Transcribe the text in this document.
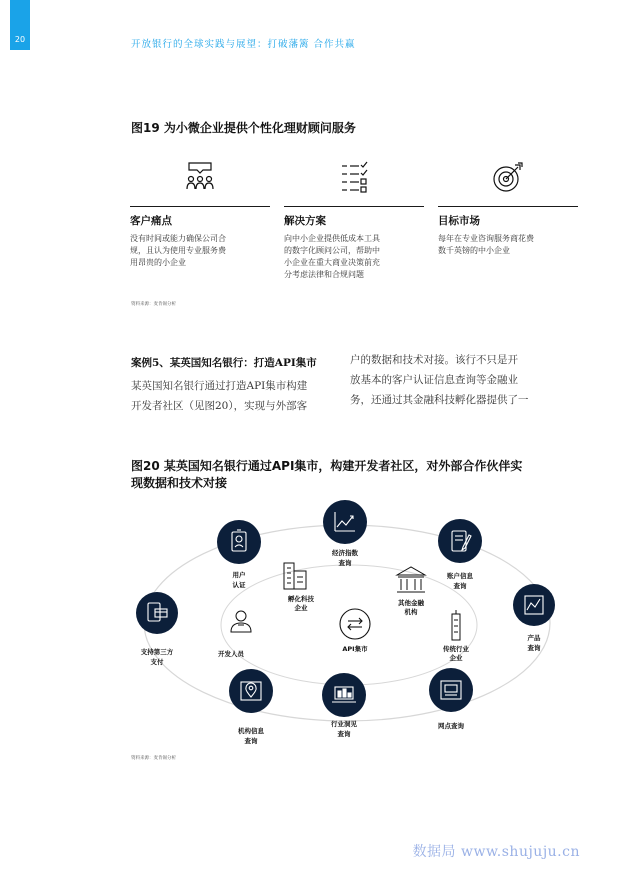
20	开放银行的全球实践与展望：打破藩篱 合作共赢
图19 为小微企业提供个性化理财顾问服务
客户痛点
没有时间或能力确保公司合
规，且认为使用专业服务费
用昂贵的小企业
解决方案
向中小企业提供低成本工具
的数字化顾问公司，帮助中
小企业在重大商业决策前充
分考虑法律和合规问题
目标市场
每年在专业咨询服务商花费
数千英镑的中小企业
资料来源：麦肯锡分析
案例5、某英国知名银行：打造API集市
某英国知名银行通过打造API集市构建
开发者社区（见图20），实现与外部客
户的数据和技术对接。该行不只是开
放基本的客户认证信息查询等金融业
务，还通过其金融科技孵化器提供了一
图20 某英国知名银行通过API集市，构建开发者社区，对外部合作伙伴实
现数据和技术对接
用户
认证
经济指数
查询
账户信息
查询
产品
查询
网点查询
行业洞见
查询
机构信息
查询
支持第三方
支付
孵化科技
企业
其他金融
机构
传统行业
企业
开发人员
API集市
资料来源：麦肯锡分析
数据局 www.shujuju.cn
